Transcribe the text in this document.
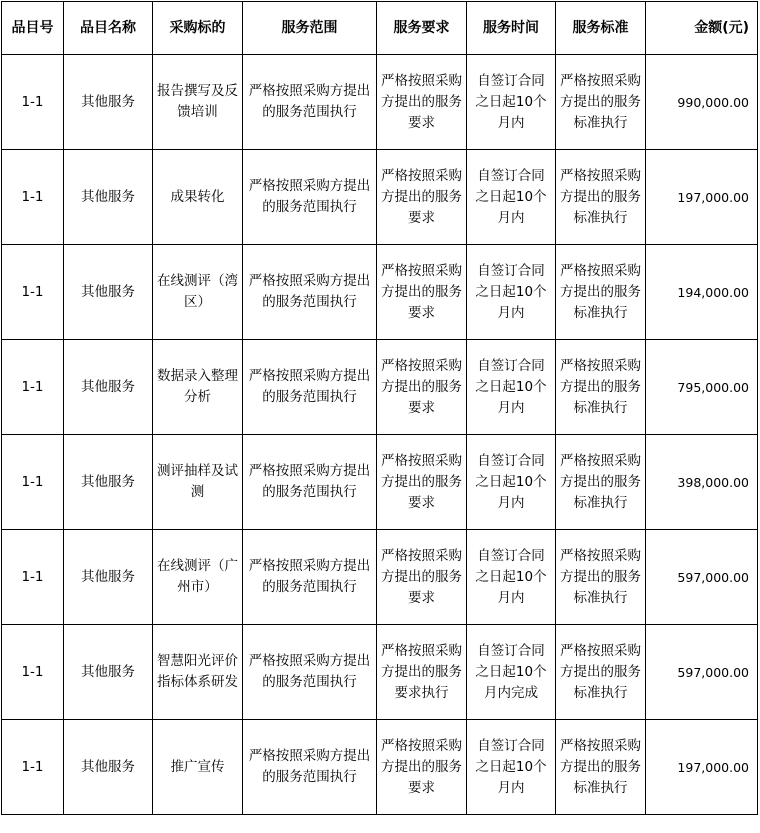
品目号	品目名称	采购标的	服务范围	服务要求	服务时间	服务标准	金额(元)
1-1	其他服务	报告撰写及反馈培训	严格按照采购方提出的服务范围执行	严格按照采购方提出的服务要求	自签订合同之日起10个月内	严格按照采购方提出的服务标准执行	990,000.00
1-1	其他服务	成果转化	严格按照采购方提出的服务范围执行	严格按照采购方提出的服务要求	自签订合同之日起10个月内	严格按照采购方提出的服务标准执行	197,000.00
1-1	其他服务	在线测评（湾区）	严格按照采购方提出的服务范围执行	严格按照采购方提出的服务要求	自签订合同之日起10个月内	严格按照采购方提出的服务标准执行	194,000.00
1-1	其他服务	数据录入整理分析	严格按照采购方提出的服务范围执行	严格按照采购方提出的服务要求	自签订合同之日起10个月内	严格按照采购方提出的服务标准执行	795,000.00
1-1	其他服务	测评抽样及试测	严格按照采购方提出的服务范围执行	严格按照采购方提出的服务要求	自签订合同之日起10个月内	严格按照采购方提出的服务标准执行	398,000.00
1-1	其他服务	在线测评（广州市）	严格按照采购方提出的服务范围执行	严格按照采购方提出的服务要求	自签订合同之日起10个月内	严格按照采购方提出的服务标准执行	597,000.00
1-1	其他服务	智慧阳光评价指标体系研发	严格按照采购方提出的服务范围执行	严格按照采购方提出的服务要求执行	自签订合同之日起10个月内完成	严格按照采购方提出的服务标准执行	597,000.00
1-1	其他服务	推广宣传	严格按照采购方提出的服务范围执行	严格按照采购方提出的服务要求	自签订合同之日起10个月内	严格按照采购方提出的服务标准执行	197,000.00
